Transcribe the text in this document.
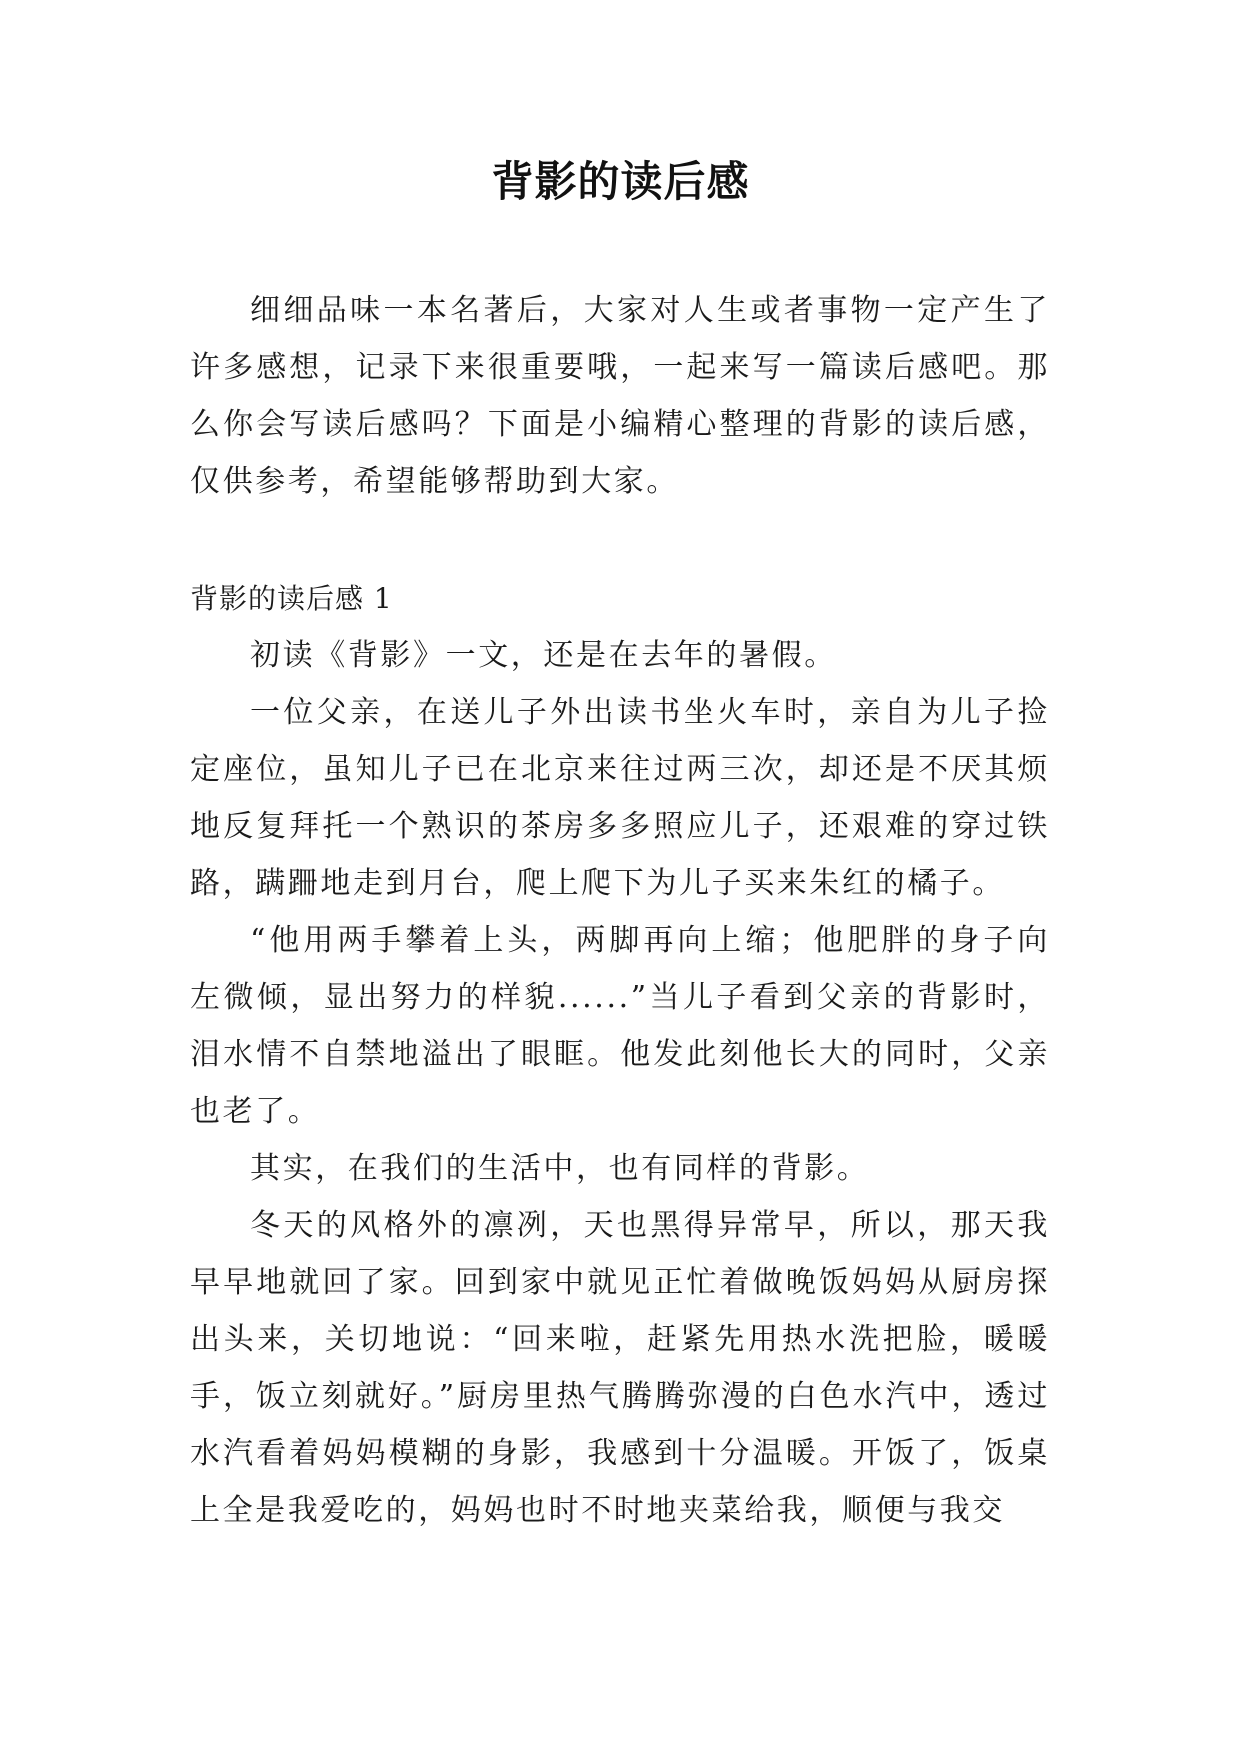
背影的读后感

细细品味一本名著后，大家对人生或者事物一定产生了许多感想，记录下来很重要哦，一起来写一篇读后感吧。那么你会写读后感吗？下面是小编精心整理的背影的读后感，仅供参考，希望能够帮助到大家。

背影的读后感 1

初读《背影》一文，还是在去年的暑假。

一位父亲，在送儿子外出读书坐火车时，亲自为儿子捡定座位，虽知儿子已在北京来往过两三次，却还是不厌其烦地反复拜托一个熟识的茶房多多照应儿子，还艰难的穿过铁路，蹒跚地走到月台，爬上爬下为儿子买来朱红的橘子。

“他用两手攀着上头，两脚再向上缩；他肥胖的身子向左微倾，显出努力的样貌......”当儿子看到父亲的背影时，泪水情不自禁地溢出了眼眶。他发此刻他长大的同时，父亲也老了。

其实，在我们的生活中，也有同样的背影。

冬天的风格外的凛冽，天也黑得异常早，所以，那天我早早地就回了家。回到家中就见正忙着做晚饭妈妈从厨房探出头来，关切地说：“回来啦，赶紧先用热水洗把脸，暖暖手，饭立刻就好。”厨房里热气腾腾弥漫的白色水汽中，透过水汽看着妈妈模糊的身影，我感到十分温暖。开饭了，饭桌上全是我爱吃的，妈妈也时不时地夹菜给我，顺便与我交
